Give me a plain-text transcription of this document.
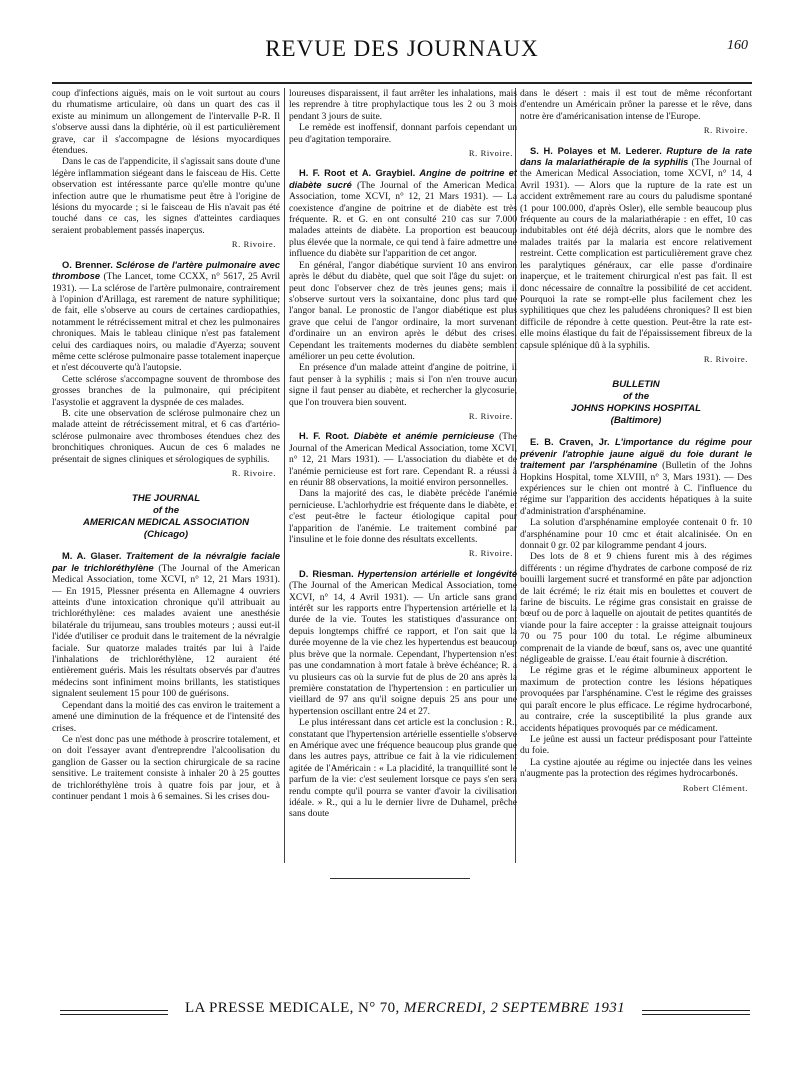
REVUE DES JOURNAUX	160

coup d'infections aiguës, mais on le voit surtout au cours du rhumatisme articulaire, où dans un quart des cas il existe au minimum un allongement de l'intervalle P-R. Il s'observe aussi dans la diphtérie, où il est particulièrement grave, car il s'accompagne de lésions myocardiques étendues.

Dans le cas de l'appendicite, il s'agissait sans doute d'une légère inflammation siégeant dans le faisceau de His. Cette observation est intéressante parce qu'elle montre qu'une infection autre que le rhumatisme peut être à l'origine de lésions du myocarde ; si le faisceau de His n'avait pas été touché dans ce cas, les signes d'atteintes cardiaques seraient probablement passés inaperçus.

R. Rivoire.

O. Brenner. Sclérose de l'artère pulmonaire avec thrombose (The Lancet, tome CCXX, n° 5617, 25 Avril 1931). — La sclérose de l'artère pulmonaire, contrairement à l'opinion d'Arillaga, est rarement de nature syphilitique; de fait, elle s'observe au cours de certaines cardiopathies, notamment le rétrécissement mitral et chez les pulmonaires chroniques. Mais le tableau clinique n'est pas fatalement celui des cardiaques noirs, ou maladie d'Ayerza; souvent même cette sclérose pulmonaire passe totalement inaperçue et n'est découverte qu'à l'autopsie.

Cette sclérose s'accompagne souvent de thrombose des grosses branches de la pulmonaire, qui précipitent l'asystolie et aggravent la dyspnée de ces malades.

B. cite une observation de sclérose pulmonaire chez un malade atteint de rétrécissement mitral, et 6 cas d'artério-sclérose pulmonaire avec thromboses étendues chez des bronchitiques chroniques. Aucun de ces 6 malades ne présentait de signes cliniques et sérologiques de syphilis.

R. Rivoire.
THE JOURNAL
of the
AMERICAN MEDICAL ASSOCIATION
(Chicago)

M. A. Glaser. Traitement de la névralgie faciale par le trichloréthylène (The Journal of the American Medical Association, tome XCVI, n° 12, 21 Mars 1931). — En 1915, Plessner présenta en Allemagne 4 ouvriers atteints d'une intoxication chronique qu'il attribuait au trichloréthylène: ces malades avaient une anesthésie bilatérale du trijumeau, sans troubles moteurs ; aussi eut-il l'idée d'utiliser ce produit dans le traitement de la névralgie faciale. Sur quatorze malades traités par lui à l'aide l'inhalations de trichloréthylène, 12 auraient été entièrement guéris. Mais les résultats observés par d'autres médecins sont infiniment moins brillants, les statistiques signalent seulement 15 pour 100 de guérisons.

Cependant dans la moitié des cas environ le traitement a amené une diminution de la fréquence et de l'intensité des crises.

Ce n'est donc pas une méthode à proscrire totalement, et on doit l'essayer avant d'entreprendre l'alcoolisation du ganglion de Gasser ou la section chirurgicale de sa racine sensitive. Le traitement consiste à inhaler 20 à 25 gouttes de trichloréthylène trois à quatre fois par jour, et à continuer pendant 1 mois à 6 semaines. Si les crises dou-

loureuses disparaissent, il faut arrêter les inhalations, mais les reprendre à titre prophylactique tous les 2 ou 3 mois pendant 3 jours de suite.

Le remède est inoffensif, donnant parfois cependant un peu d'agitation temporaire.

R. Rivoire.

H. F. Root et A. Graybiel. Angine de poitrine et diabète sucré (The Journal of the American Medical Association, tome XCVI, n° 12, 21 Mars 1931). — La coexistence d'angine de poitrine et de diabète est très fréquente. R. et G. en ont consulté 210 cas sur 7.000 malades atteints de diabète. La proportion est beaucoup plus élevée que la normale, ce qui tend à faire admettre une influence du diabète sur l'apparition de cet angor.

En général, l'angor diabétique survient 10 ans environ après le début du diabète, quel que soit l'âge du sujet: on peut donc l'observer chez de très jeunes gens; mais il s'observe surtout vers la soixantaine, donc plus tard que l'angor banal. Le pronostic de l'angor diabétique est plus grave que celui de l'angor ordinaire, la mort survenant d'ordinaire un an environ après le début des crises. Cependant les traitements modernes du diabète semblent améliorer un peu cette évolution.

En présence d'un malade atteint d'angine de poitrine, il faut penser à la syphilis ; mais si l'on n'en trouve aucun signe il faut penser au diabète, et rechercher la glycosurie, que l'on trouvera bien souvent.

R. Rivoire.

H. F. Root. Diabète et anémie pernicieuse (The Journal of the American Medical Association, tome XCVI, n° 12, 21 Mars 1931). — L'association du diabète et de l'anémie pernicieuse est fort rare. Cependant R. a réussi à en réunir 88 observations, la moitié environ personnelles.

Dans la majorité des cas, le diabète précède l'anémie pernicieuse. L'achlorhydrie est fréquente dans le diabète, et c'est peut-être le facteur étiologique capital pour l'apparition de l'anémie. Le traitement combiné par l'insuline et le foie donne des résultats excellents.

R. Rivoire.

D. Riesman. Hypertension artérielle et longévité (The Journal of the American Medical Association, tome XCVI, n° 14, 4 Avril 1931). — Un article sans grand intérêt sur les rapports entre l'hypertension artérielle et la durée de la vie. Toutes les statistiques d'assurance ont depuis longtemps chiffré ce rapport, et l'on sait que la durée moyenne de la vie chez les hypertendus est beaucoup plus brève que la normale. Cependant, l'hypertension n'est pas une condamnation à mort fatale à brève échéance; R. a vu plusieurs cas où la survie fut de plus de 20 ans après la première constatation de l'hypertension : en particulier un vieillard de 97 ans qu'il soigne depuis 25 ans pour une hypertension oscillant entre 24 et 27.

Le plus intéressant dans cet article est la conclusion : R., constatant que l'hypertension artérielle essentielle s'observe en Amérique avec une fréquence beaucoup plus grande que dans les autres pays, attribue ce fait à la vie ridiculement agitée de l'Américain : « La placidité, la tranquillité sont le parfum de la vie: c'est seulement lorsque ce pays s'en sera rendu compte qu'il pourra se vanter d'avoir la civilisation idéale. » R., qui a lu le dernier livre de Duhamel, prêche sans doute

dans le désert : mais il est tout de même réconfortant d'entendre un Américain prôner la paresse et le rêve, dans notre ère d'américanisation intense de l'Europe.

R. Rivoire.

S. H. Polayes et M. Lederer. Rupture de la rate dans la malariathérapie de la syphilis (The Journal of the American Medical Association, tome XCVI, n° 14, 4 Avril 1931). — Alors que la rupture de la rate est un accident extrêmement rare au cours du paludisme spontané (1 pour 100.000, d'après Osler), elle semble beaucoup plus fréquente au cours de la malariathérapie : en effet, 10 cas indubitables ont été déjà décrits, alors que le nombre des malades traités par la malaria est encore relativement restreint. Cette complication est particulièrement grave chez les paralytiques généraux, car elle passe d'ordinaire inaperçue, et le traitement chirurgical n'est pas fait. Il est donc nécessaire de connaître la possibilité de cet accident. Pourquoi la rate se rompt-elle plus facilement chez les syphilitiques que chez les paludéens chroniques? Il est bien difficile de répondre à cette question. Peut-être la rate est-elle moins élastique du fait de l'épaississement fibreux de la capsule splénique dû à la syphilis.

R. Rivoire.
BULLETIN
of the
JOHNS HOPKINS HOSPITAL
(Baltimore)

E. B. Craven, Jr. L'importance du régime pour prévenir l'atrophie jaune aiguë du foie durant le traitement par l'arsphénamine (Bulletin of the Johns Hopkins Hospital, tome XLVIII, n° 3, Mars 1931). — Des expériences sur le chien ont montré à C. l'influence du régime sur l'apparition des accidents hépatiques à la suite d'administration d'arsphénamine.

La solution d'arsphénamine employée contenait 0 fr. 10 d'arsphénamine pour 10 cmc et était alcalinisée. On en donnait 0 gr. 02 par kilogramme pendant 4 jours.

Des lots de 8 et 9 chiens furent mis à des régimes différents : un régime d'hydrates de carbone composé de riz bouilli largement sucré et transformé en pâte par adjonction de lait écrémé; le riz était mis en boulettes et couvert de farine de biscuits. Le régime gras consistait en graisse de bœuf ou de porc à laquelle on ajoutait de petites quantités de viande pour la faire accepter : la graisse atteignait toujours 70 ou 75 pour 100 du total. Le régime albumineux comprenait de la viande de bœuf, sans os, avec une quantité négligeable de graisse. L'eau était fournie à discrétion.

Le régime gras et le régime albumineux apportent le maximum de protection contre les lésions hépatiques provoquées par l'arsphénamine. C'est le régime des graisses qui paraît encore le plus efficace. Le régime hydrocarboné, au contraire, crée la susceptibilité la plus grande aux accidents hépatiques provoqués par ce médicament.

Le jeûne est aussi un facteur prédisposant pour l'atteinte du foie.

La cystine ajoutée au régime ou injectée dans les veines n'augmente pas la protection des régimes hydrocarbonés.

Robert Clément.
LA PRESSE MEDICALE, N° 70, MERCREDI, 2 SEPTEMBRE 1931
